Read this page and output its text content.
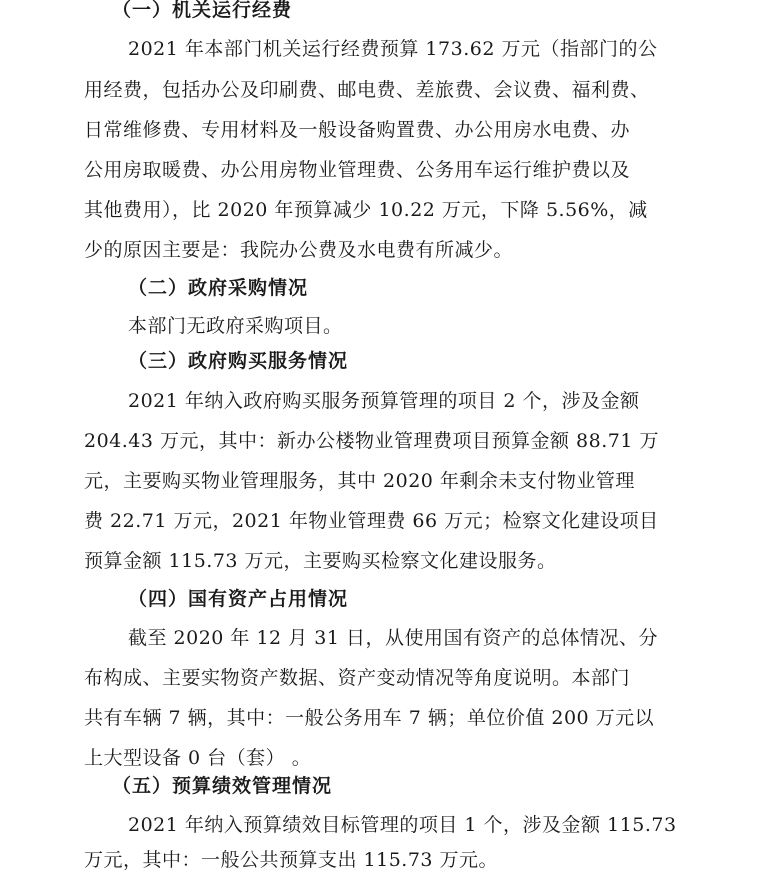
（一）机关运行经费
2021 年本部门机关运行经费预算 173.62 万元（指部门的公
用经费，包括办公及印刷费、邮电费、差旅费、会议费、福利费、
日常维修费、专用材料及一般设备购置费、办公用房水电费、办
公用房取暖费、办公用房物业管理费、公务用车运行维护费以及
其他费用），比 2020 年预算减少 10.22 万元，下降 5.56%，减
少的原因主要是：我院办公费及水电费有所减少。
（二）政府采购情况
本部门无政府采购项目。
（三）政府购买服务情况
2021 年纳入政府购买服务预算管理的项目 2 个，涉及金额
204.43 万元，其中：新办公楼物业管理费项目预算金额 88.71 万
元，主要购买物业管理服务，其中 2020 年剩余未支付物业管理
费 22.71 万元，2021 年物业管理费 66 万元；检察文化建设项目
预算金额 115.73 万元，主要购买检察文化建设服务。
（四）国有资产占用情况
截至 2020 年 12 月 31 日，从使用国有资产的总体情况、分
布构成、主要实物资产数据、资产变动情况等角度说明。本部门
共有车辆 7 辆，其中：一般公务用车 7 辆；单位价值 200 万元以
上大型设备 0 台（套） 。
（五）预算绩效管理情况
2021 年纳入预算绩效目标管理的项目 1 个，涉及金额 115.73
万元，其中：一般公共预算支出 115.73 万元。
